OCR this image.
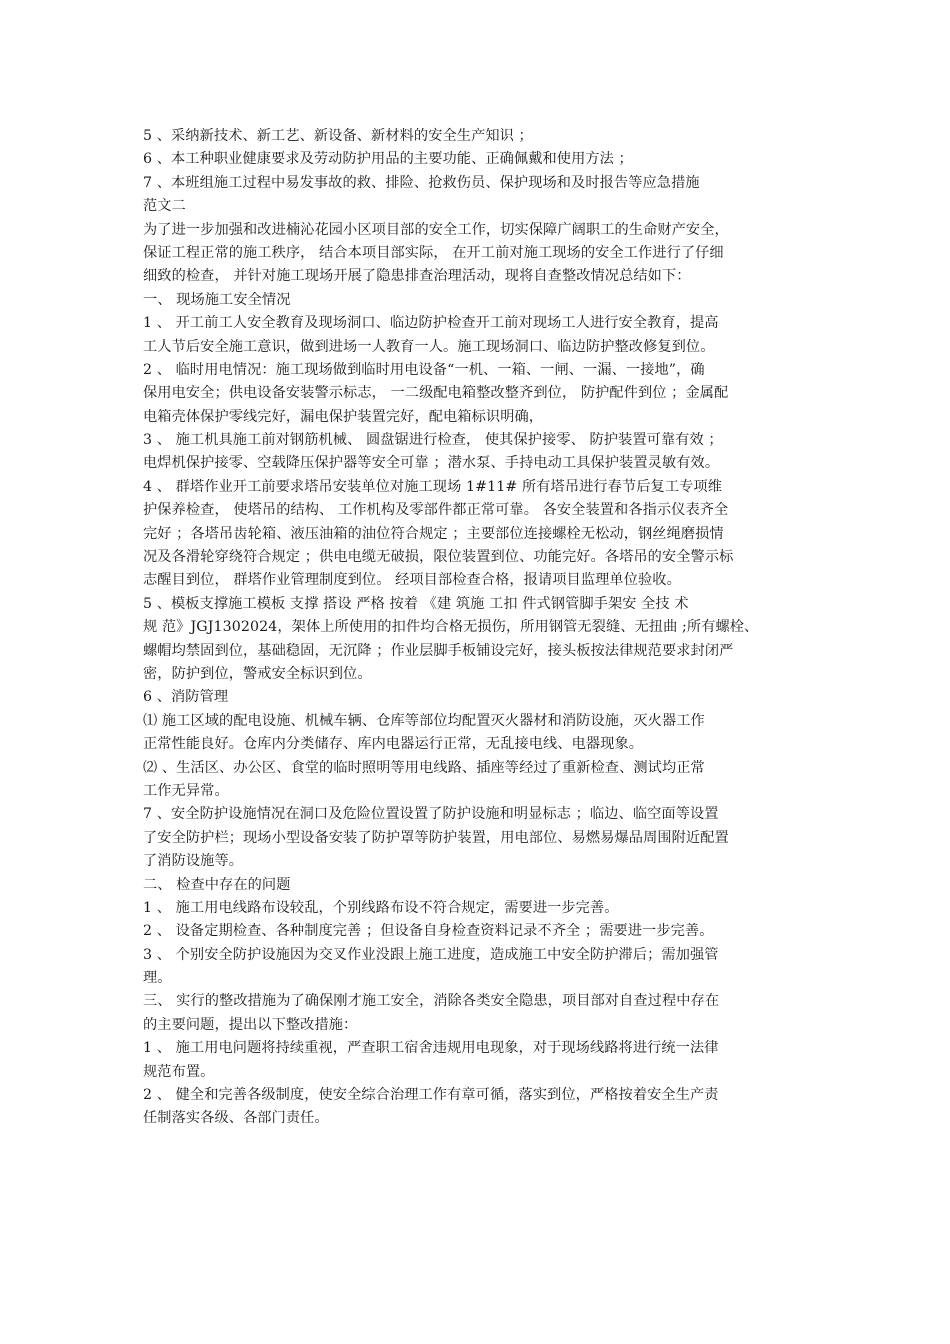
5 、采纳新技术、新工艺、新设备、新材料的安全生产知识 ；
6 、本工种职业健康要求及劳动防护用品的主要功能、正确佩戴和使用方法 ；
7 、本班组施工过程中易发事故的救、排险、抢救伤员、保护现场和及时报告等应急措施
范文二
为了进一步加强和改进楠沁花园小区项目部的安全工作，切实保障广阔职工的生命财产安全，
保证工程正常的施工秩序， 结合本项目部实际， 在开工前对施工现场的安全工作进行了仔细
细致的检查， 并针对施工现场开展了隐患排查治理活动，现将自查整改情况总结如下：
一、 现场施工安全情况
1 、 开工前工人安全教育及现场洞口、临边防护检查开工前对现场工人进行安全教育，提高
工人节后安全施工意识，做到进场一人教育一人。施工现场洞口、临边防护整改修复到位。
2 、 临时用电情况：施工现场做到临时用电设备“一机、一箱、一闸、一漏、一接地”，确
保用电安全；供电设备安装警示标志， 一二级配电箱整改整齐到位， 防护配件到位 ；金属配
电箱壳体保护零线完好，漏电保护装置完好，配电箱标识明确，
3 、 施工机具施工前对钢筋机械、 圆盘锯进行检查， 使其保护接零、 防护装置可靠有效 ；
电焊机保护接零、空载降压保护器等安全可靠 ；潜水泵、手持电动工具保护装置灵敏有效。
4 、 群塔作业开工前要求塔吊安装单位对施工现场 1#11# 所有塔吊进行春节后复工专项维
护保养检查， 使塔吊的结构、 工作机构及零部件都正常可靠。 各安全装置和各指示仪表齐全
完好 ；各塔吊齿轮箱、液压油箱的油位符合规定 ；主要部位连接螺栓无松动，钢丝绳磨损情
况及各滑轮穿绕符合规定 ；供电电缆无破损，限位装置到位、功能完好。各塔吊的安全警示标
志醒目到位， 群塔作业管理制度到位。 经项目部检查合格，报请项目监理单位验收。
5 、模板支撑施工模板 支撑 搭设 严格 按着 《建 筑施 工扣 件式钢管脚手架安 全技 术
规 范》JGJ1302024，架体上所使用的扣件均合格无损伤，所用钢管无裂缝、无扭曲 ;所有螺栓、
螺帽均禁固到位，基础稳固，无沉降 ；作业层脚手板铺设完好，接头板按法律规范要求封闭严
密，防护到位，警戒安全标识到位。
6 、消防管理
⑴ 施工区域的配电设施、机械车辆、仓库等部位均配置灭火器材和消防设施，灭火器工作
正常性能良好。仓库内分类储存、库内电器运行正常，无乱接电线、电器现象。
⑵ 、生活区、办公区、食堂的临时照明等用电线路、插座等经过了重新检查、测试均正常
工作无异常。
7 、安全防护设施情况在洞口及危险位置设置了防护设施和明显标志 ；临边、临空面等设置
了安全防护栏；现场小型设备安装了防护罩等防护装置，用电部位、易燃易爆品周围附近配置
了消防设施等。
二、 检查中存在的问题
1 、 施工用电线路布设较乱，个别线路布设不符合规定，需要进一步完善。
2 、 设备定期检查、各种制度完善 ；但设备自身检查资料记录不齐全 ；需要进一步完善。
3 、 个别安全防护设施因为交叉作业没跟上施工进度，造成施工中安全防护滞后；需加强管
理。
三、 实行的整改措施为了确保刚才施工安全，消除各类安全隐患，项目部对自查过程中存在
的主要问题，提出以下整改措施：
1 、 施工用电问题将持续重视，严查职工宿舍违规用电现象，对于现场线路将进行统一法律
规范布置。
2 、 健全和完善各级制度，使安全综合治理工作有章可循，落实到位，严格按着安全生产责
任制落实各级、各部门责任。
